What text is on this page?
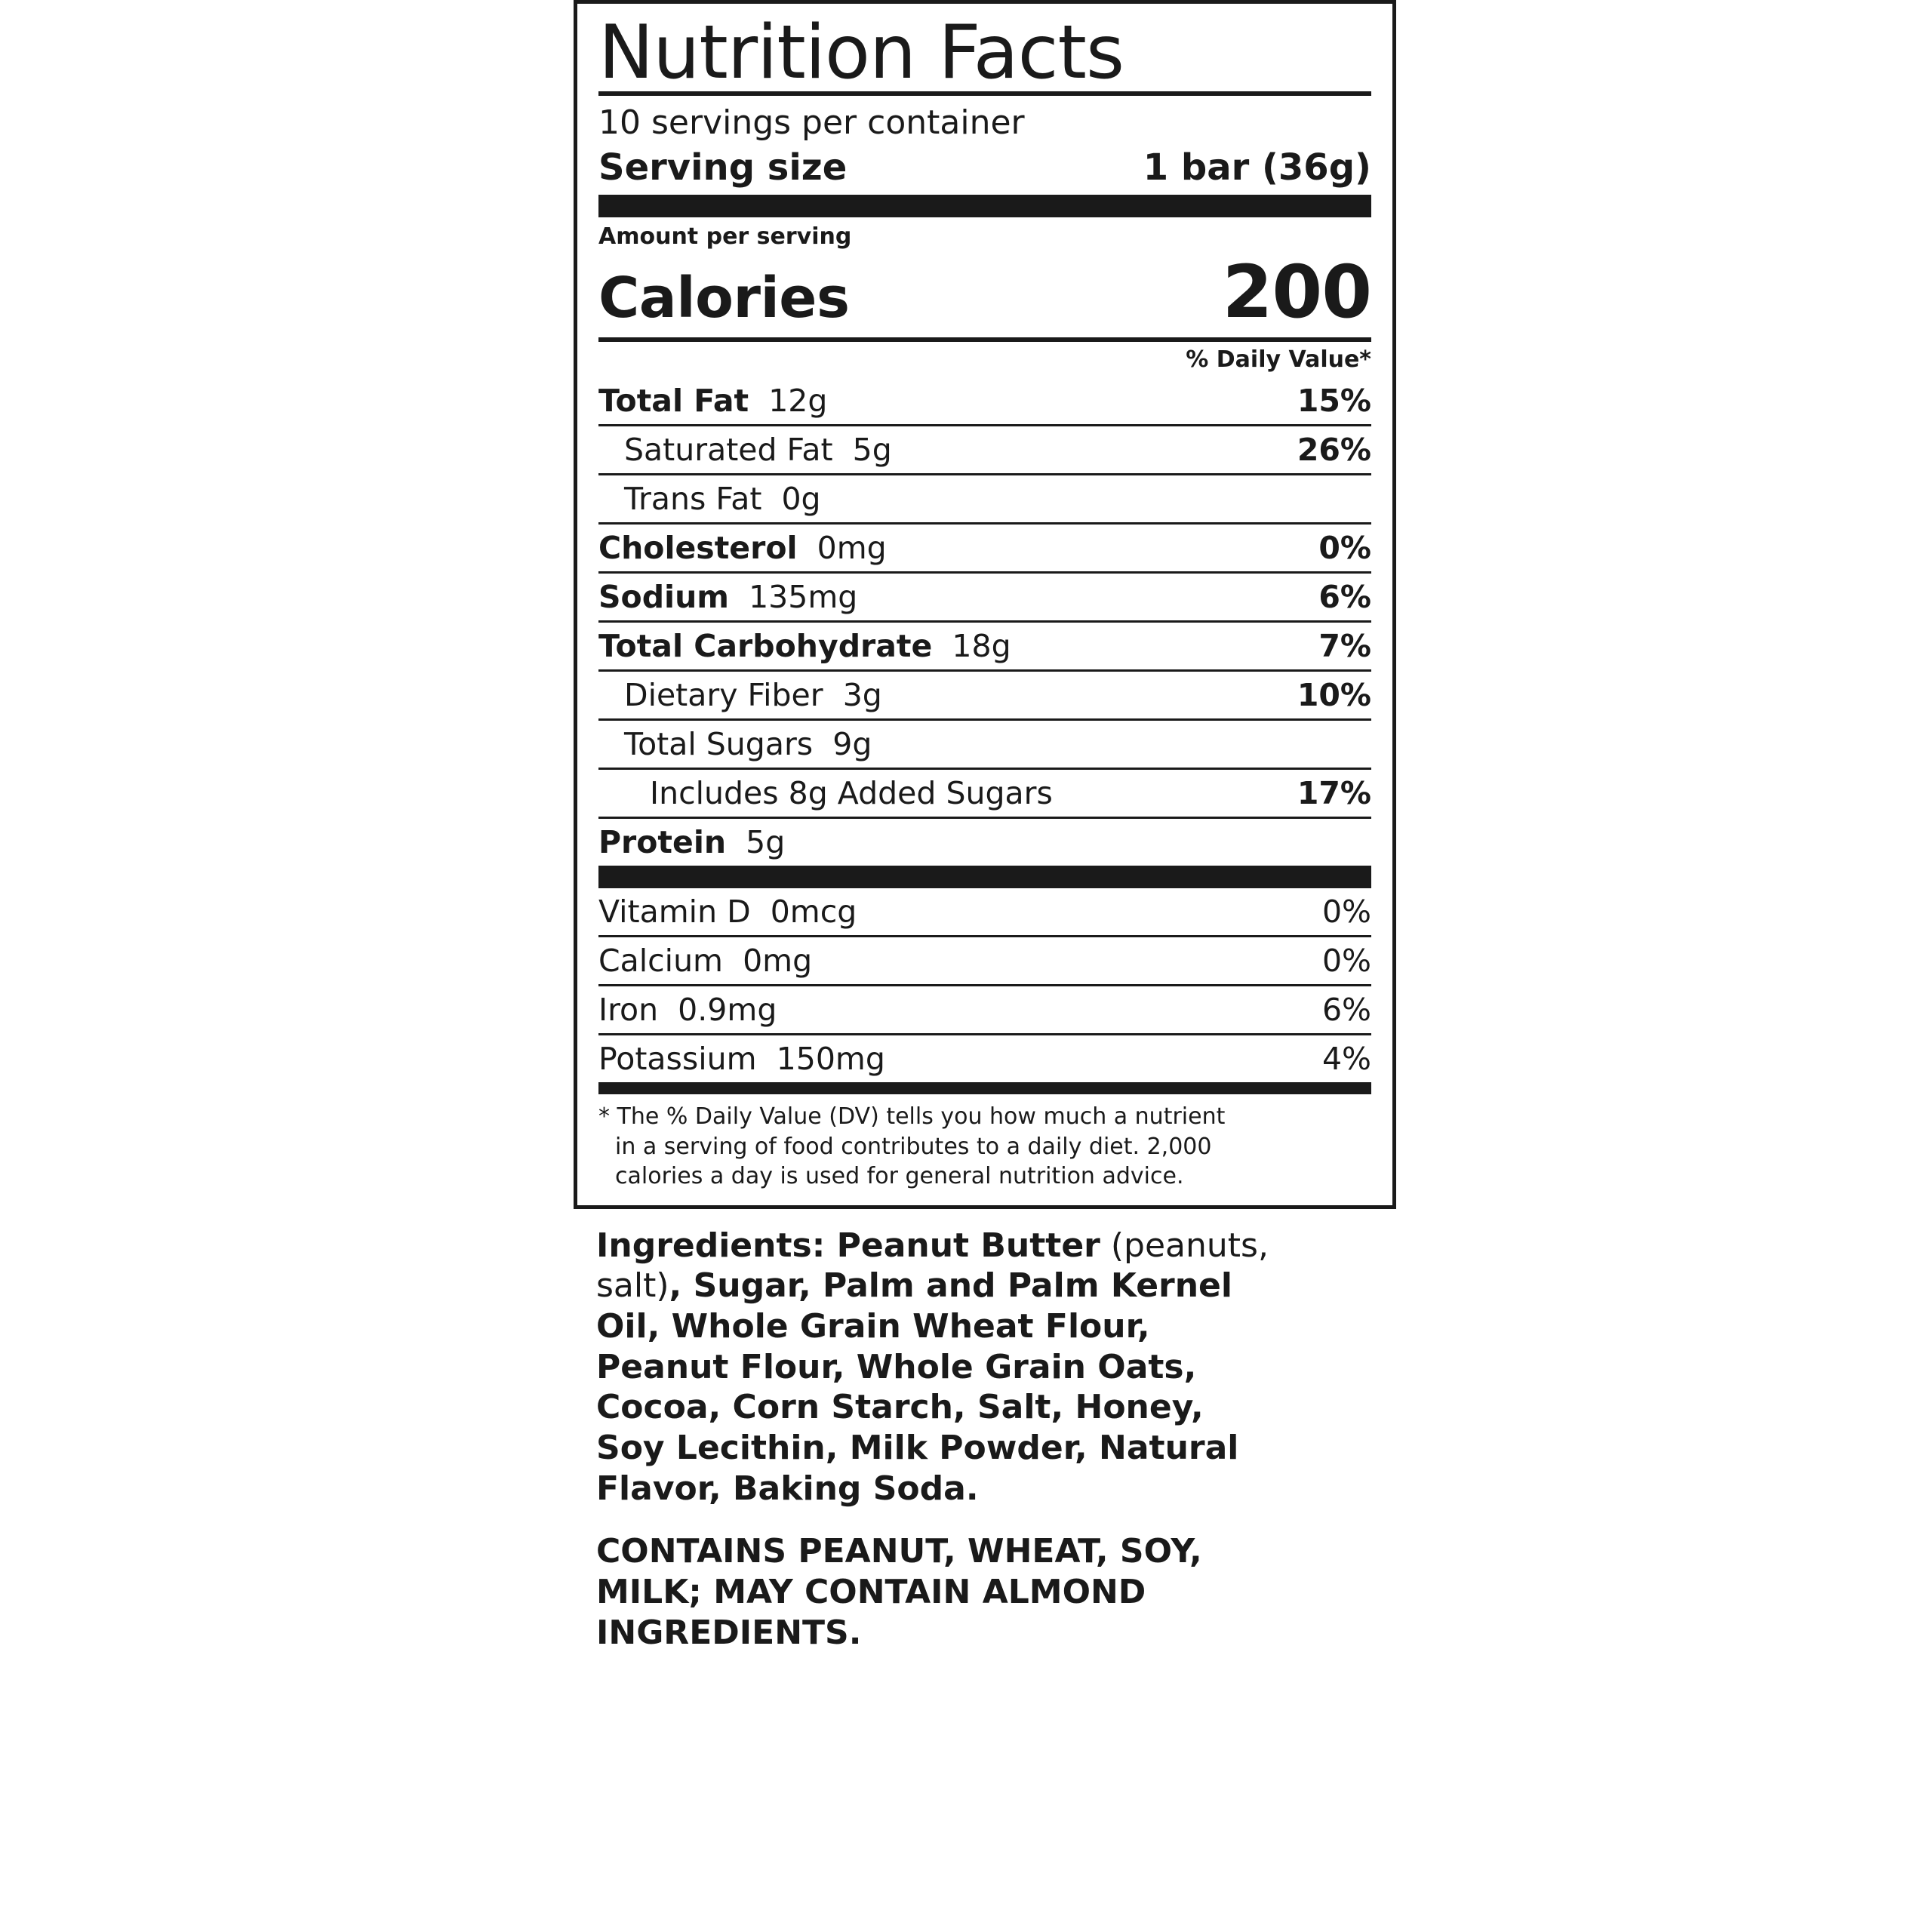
Nutrition Facts
10 servings per container
Serving size	1 bar (36g)
Amount per serving
Calories	200
% Daily Value*
Total Fat  12g	15%
Saturated Fat  5g	26%
Trans Fat  0g
Cholesterol  0mg	0%
Sodium  135mg	6%
Total Carbohydrate  18g	7%
Dietary Fiber  3g	10%
Total Sugars  9g
Includes 8g Added Sugars	17%
Protein  5g
Vitamin D  0mcg	0%
Calcium  0mg	0%
Iron  0.9mg	6%
Potassium  150mg	4%
* The % Daily Value (DV) tells you how much a nutrient
in a serving of food contributes to a daily diet. 2,000
calories a day is used for general nutrition advice.
Ingredients: Peanut Butter (peanuts,
salt), Sugar, Palm and Palm Kernel
Oil, Whole Grain Wheat Flour,
Peanut Flour, Whole Grain Oats,
Cocoa, Corn Starch, Salt, Honey,
Soy Lecithin, Milk Powder, Natural
Flavor, Baking Soda.
CONTAINS PEANUT, WHEAT, SOY,
MILK; MAY CONTAIN ALMOND
INGREDIENTS.
